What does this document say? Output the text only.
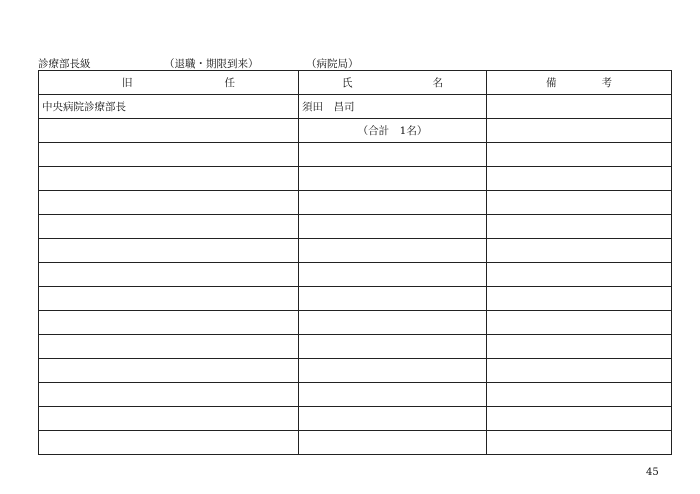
診療部長級	（退職・期限到来）	（病院局）
旧 任	氏 名	備 考

中央病院診療部長	須田　昌司	
	（合計　1名）	

45
